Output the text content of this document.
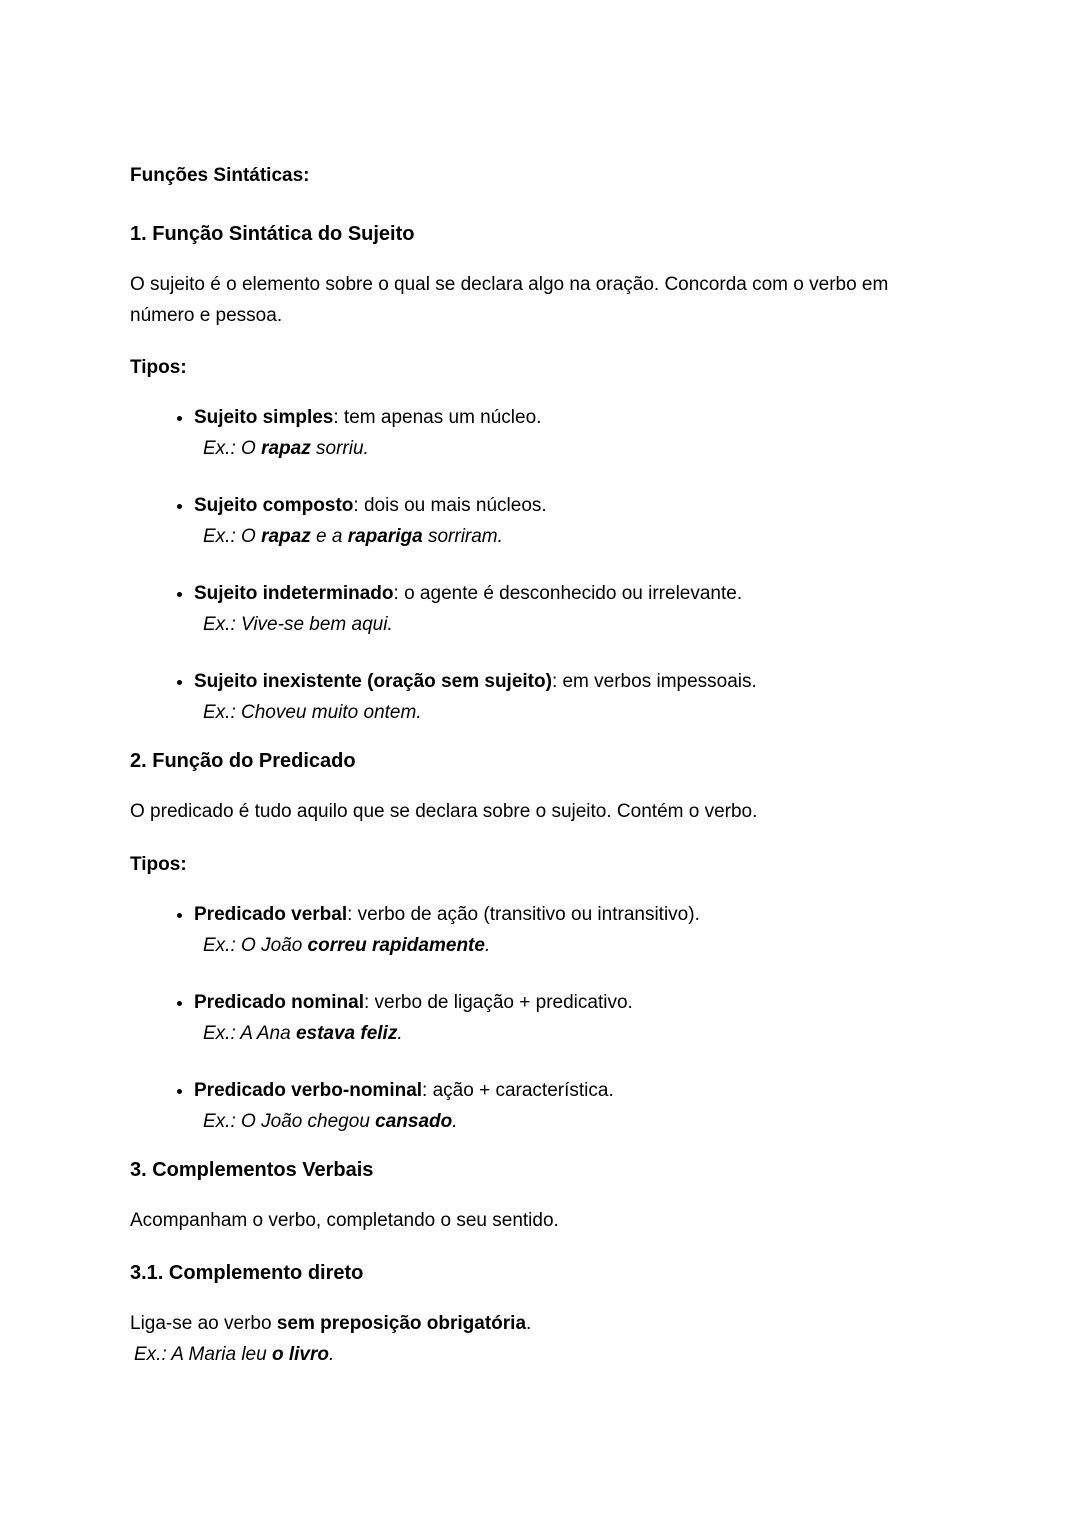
Funções Sintáticas:

1. Função Sintática do Sujeito

O sujeito é o elemento sobre o qual se declara algo na oração. Concorda com o verbo em número e pessoa.

Tipos:

• Sujeito simples: tem apenas um núcleo.
Ex.: O rapaz sorriu.
• Sujeito composto: dois ou mais núcleos.
Ex.: O rapaz e a rapariga sorriram.
• Sujeito indeterminado: o agente é desconhecido ou irrelevante.
Ex.: Vive-se bem aqui.
• Sujeito inexistente (oração sem sujeito): em verbos impessoais.
Ex.: Choveu muito ontem.

2. Função do Predicado

O predicado é tudo aquilo que se declara sobre o sujeito. Contém o verbo.

Tipos:

• Predicado verbal: verbo de ação (transitivo ou intransitivo).
Ex.: O João correu rapidamente.
• Predicado nominal: verbo de ligação + predicativo.
Ex.: A Ana estava feliz.
• Predicado verbo-nominal: ação + característica.
Ex.: O João chegou cansado.

3. Complementos Verbais

Acompanham o verbo, completando o seu sentido.

3.1. Complemento direto

Liga-se ao verbo sem preposição obrigatória.
Ex.: A Maria leu o livro.
